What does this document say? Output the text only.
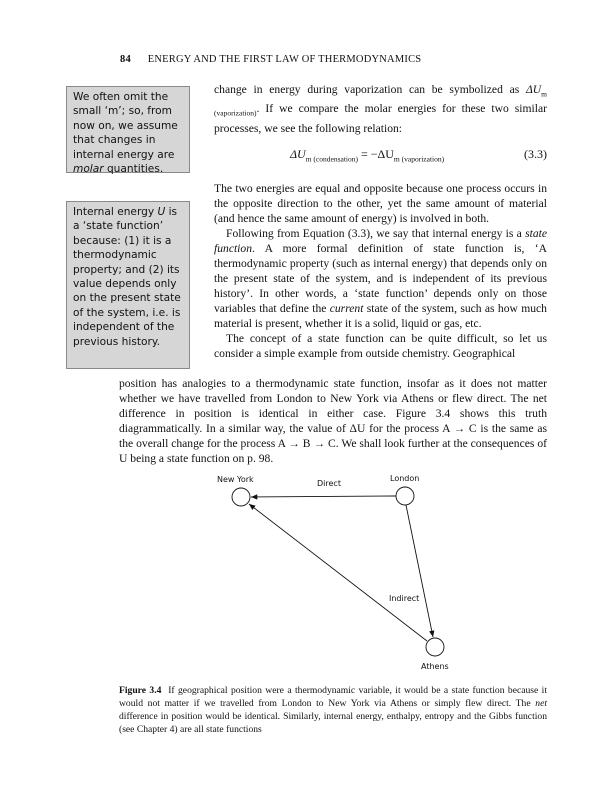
84 ENERGY AND THE FIRST LAW OF THERMODYNAMICS
We often omit the small ‘m’; so, from now on, we assume that changes in internal energy are molar quantities.
Internal energy U is a ‘state function’ because: (1) it is a thermodynamic property; and (2) its value depends only on the present state of the system, i.e. is independent of the previous history.

change in energy during vaporization can be symbolized as $\Delta U_{m (vaporization)}$. If we compare the molar energies for these two similar processes, we see the following relation:

$\Delta U_{m (condensation)} = -\Delta U_{m (vaporization)}$	(3.3)

The two energies are equal and opposite because one process occurs in the opposite direction to the other, yet the same amount of material (and hence the same amount of energy) is involved in both.

Following from Equation (3.3), we say that internal energy is a state function. A more formal definition of state function is, ‘A thermodynamic property (such as internal energy) that depends only on the present state of the system, and is independent of its previous history’. In other words, a ‘state function’ depends only on those variables that define the current state of the system, such as how much material is present, whether it is a solid, liquid or gas, etc.

The concept of a state function can be quite difficult, so let us consider a simple example from outside chemistry. Geographical

position has analogies to a thermodynamic state function, insofar as it does not matter whether we have travelled from London to New York via Athens or flew direct. The net difference in position is identical in either case. Figure 3.4 shows this truth diagrammatically. In a similar way, the value of ΔU for the process A → C is the same as the overall change for the process A → B → C. We shall look further at the consequences of U being a state function on p. 98.
New York	London
Direct
Indirect
Athens
Figure 3.4 If geographical position were a thermodynamic variable, it would be a state function because it would not matter if we travelled from London to New York via Athens or simply flew direct. The net difference in position would be identical. Similarly, internal energy, enthalpy, entropy and the Gibbs function (see Chapter 4) are all state functions
